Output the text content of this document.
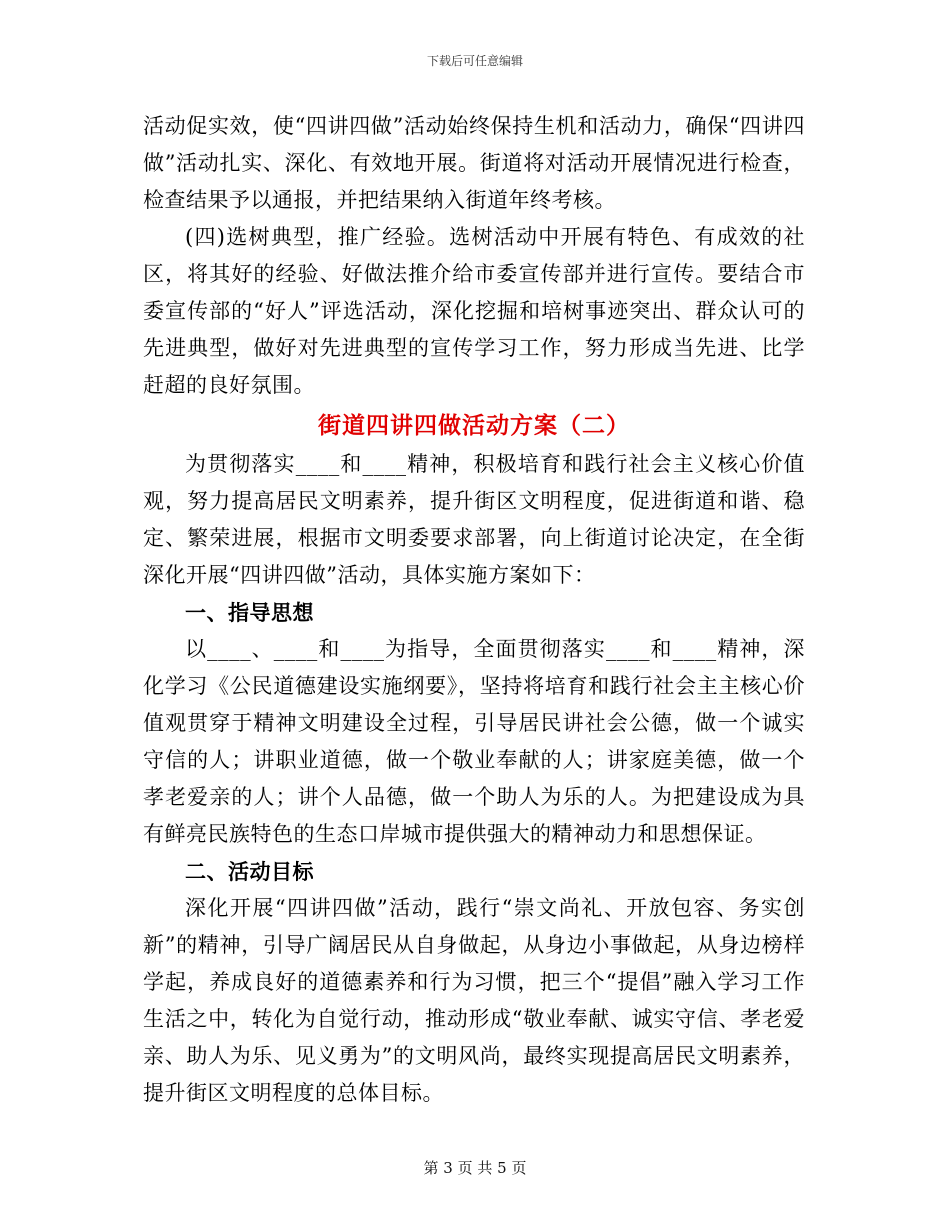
下载后可任意编辑

活动促实效，使“四讲四做”活动始终保持生机和活动力，确保“四讲四做”活动扎实、深化、有效地开展。街道将对活动开展情况进行检查，检查结果予以通报，并把结果纳入街道年终考核。

(四)选树典型，推广经验。选树活动中开展有特色、有成效的社区，将其好的经验、好做法推介给市委宣传部并进行宣传。要结合市委宣传部的“好人”评选活动，深化挖掘和培树事迹突出、群众认可的先进典型，做好对先进典型的宣传学习工作，努力形成当先进、比学赶超的良好氛围。

街道四讲四做活动方案（二）

为贯彻落实____和____精神，积极培育和践行社会主义核心价值观，努力提高居民文明素养，提升街区文明程度，促进街道和谐、稳定、繁荣进展，根据市文明委要求部署，向上街道讨论决定，在全街深化开展“四讲四做”活动，具体实施方案如下：

一、指导思想

以____、____和____为指导，全面贯彻落实____和____精神，深化学习《公民道德建设实施纲要》，坚持将培育和践行社会主主核心价值观贯穿于精神文明建设全过程，引导居民讲社会公德，做一个诚实守信的人；讲职业道德，做一个敬业奉献的人；讲家庭美德，做一个孝老爱亲的人；讲个人品德，做一个助人为乐的人。为把建设成为具有鲜亮民族特色的生态口岸城市提供强大的精神动力和思想保证。

二、活动目标

深化开展“四讲四做”活动，践行“崇文尚礼、开放包容、务实创新”的精神，引导广阔居民从自身做起，从身边小事做起，从身边榜样学起，养成良好的道德素养和行为习惯，把三个“提倡”融入学习工作生活之中，转化为自觉行动，推动形成“敬业奉献、诚实守信、孝老爱亲、助人为乐、见义勇为”的文明风尚，最终实现提高居民文明素养，提升街区文明程度的总体目标。

第 3 页 共 5 页
